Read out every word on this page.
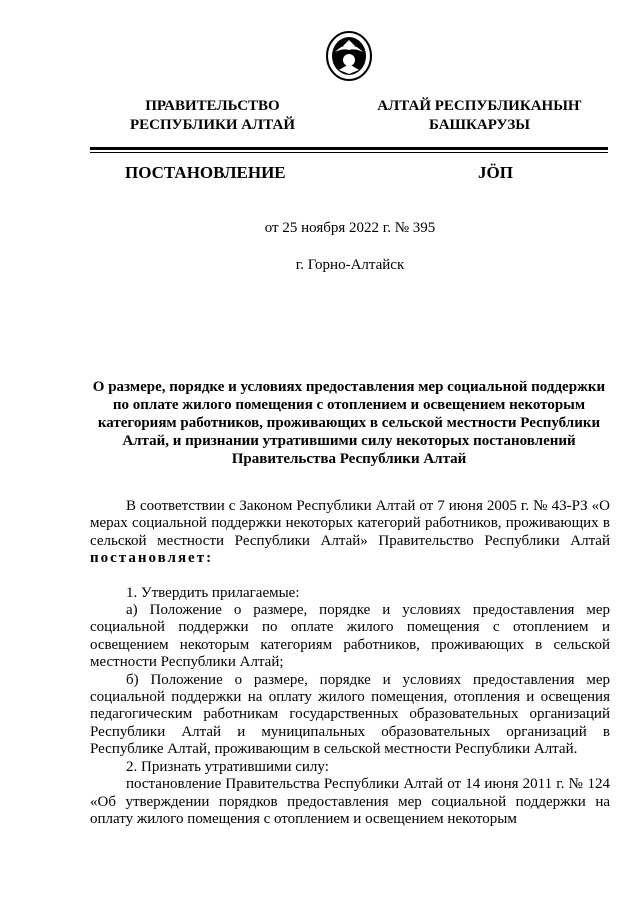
ПРАВИТЕЛЬСТВО
РЕСПУБЛИКИ АЛТАЙ
АЛТАЙ РЕСПУБЛИКАНЫҤ
БАШКАРУЗЫ
ПОСТАНОВЛЕНИЕ	JÖП
от 25 ноября 2022 г. № 395
г. Горно-Алтайск
О размере, порядке и условиях предоставления мер социальной поддержки по оплате жилого помещения с отоплением и освещением некоторым категориям работников, проживающих в сельской местности Республики Алтай, и признании утратившими силу некоторых постановлений Правительства Республики Алтай

В соответствии с Законом Республики Алтай от 7 июня 2005 г. № 43-РЗ «О мерах социальной поддержки некоторых категорий работников, проживающих в сельской местности Республики Алтай» Правительство Республики Алтай постановляет:

1. Утвердить прилагаемые:

а) Положение о размере, порядке и условиях предоставления мер социальной поддержки по оплате жилого помещения с отоплением и освещением некоторым категориям работников, проживающих в сельской местности Республики Алтай;

б) Положение о размере, порядке и условиях предоставления мер социальной поддержки на оплату жилого помещения, отопления и освещения педагогическим работникам государственных образовательных организаций Республики Алтай и муниципальных образовательных организаций в Республике Алтай, проживающим в сельской местности Республики Алтай.

2. Признать утратившими силу:

постановление Правительства Республики Алтай от 14 июня 2011 г. № 124 «Об утверждении порядков предоставления мер социальной поддержки на оплату жилого помещения с отоплением и освещением некоторым
